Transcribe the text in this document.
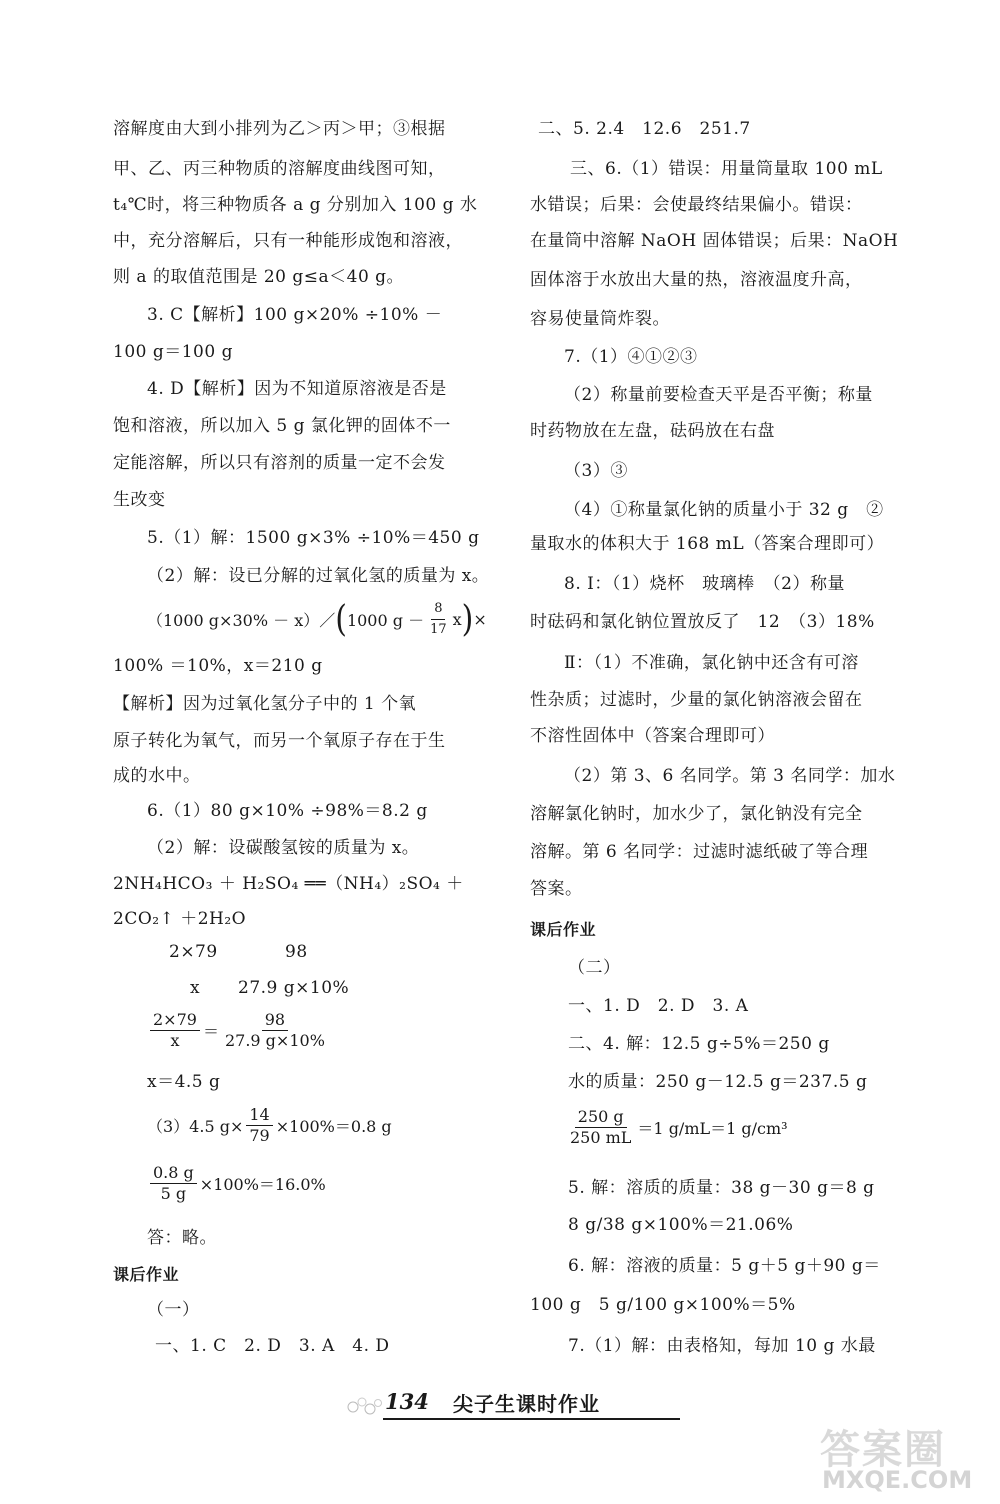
溶解度由大到小排列为乙＞丙＞甲；③根据
甲、乙、丙三种物质的溶解度曲线图可知，
t₄℃时，将三种物质各 a g 分别加入 100 g 水
中，充分溶解后，只有一种能形成饱和溶液，
则 a 的取值范围是 20 g≤a＜40 g。
3. C【解析】100 g×20% ÷10% －
100 g＝100 g
4. D【解析】因为不知道原溶液是否是
饱和溶液，所以加入 5 g 氯化钾的固体不一
定能溶解，所以只有溶剂的质量一定不会发
生改变
5.（1）解：1500 g×3% ÷10%＝450 g
（2）解：设已分解的过氧化氢的质量为 x。
（1000 g×30% － x）／ ( 1000 $g - \frac{8}{17}$ x ) ×
100% ＝10%，x＝210 g
【解析】因为过氧化氢分子中的 1 个氧
原子转化为氧气，而另一个氧原子存在于生
成的水中。
6.（1）80 g×10% ÷98%＝8.2 g
（2）解：设碳酸氢铵的质量为 x。
2NH₄HCO₃ ＋ H₂SO₄ ══（NH₄）₂SO₄ ＋
2CO₂↑ ＋2H₂O
2×79	98
x 27.9 g×10%
$\frac{2\times 79}{x} = \frac{98}{27.9 g\times 10\%}$
x＝4.5 g
（3）4.5 $g\times \frac{14}{79} \times 100\%=0.8$ g
$\frac{0.8 g}{5 g} \times 100\%=16.0\%$
答：略。
课后作业
（一）
一、1. C　2. D　3. A　4. D
二、5. 2.4　12.6　251.7
三、6.（1）错误：用量筒量取 100 mL
水错误；后果：会使最终结果偏小。错误：
在量筒中溶解 NaOH 固体错误；后果：NaOH
固体溶于水放出大量的热，溶液温度升高，
容易使量筒炸裂。
7.（1）④①②③
（2）称量前要检查天平是否平衡；称量
时药物放在左盘，砝码放在右盘
（3）③
（4）①称量氯化钠的质量小于 32 g　②
量取水的体积大于 168 mL（答案合理即可）
8. Ⅰ：（1）烧杯　玻璃棒　（2）称量
时砝码和氯化钠位置放反了　12　（3）18%
Ⅱ：（1）不准确，氯化钠中还含有可溶
性杂质；过滤时，少量的氯化钠溶液会留在
不溶性固体中（答案合理即可）
（2）第 3、6 名同学。第 3 名同学：加水
溶解氯化钠时，加水少了，氯化钠没有完全
溶解。第 6 名同学：过滤时滤纸破了等合理
答案。
课后作业
（二）
一、1. D　2. D　3. A
二、4. 解：12.5 g÷5%＝250 g
水的质量：250 g－12.5 g＝237.5 g
$\frac{250 g}{250 mL} =1$ g/mL＝1 g/cm³
5. 解：溶质的质量：38 g－30 g＝8 g
8 g/38 g×100%＝21.06%
6. 解：溶液的质量：5 g＋5 g＋90 g＝
100 g　5 g/100 g×100%＝5%
7.（1）解：由表格知，每加 10 g 水最
134 尖子生课时作业
答案圈
MXQE.COM
